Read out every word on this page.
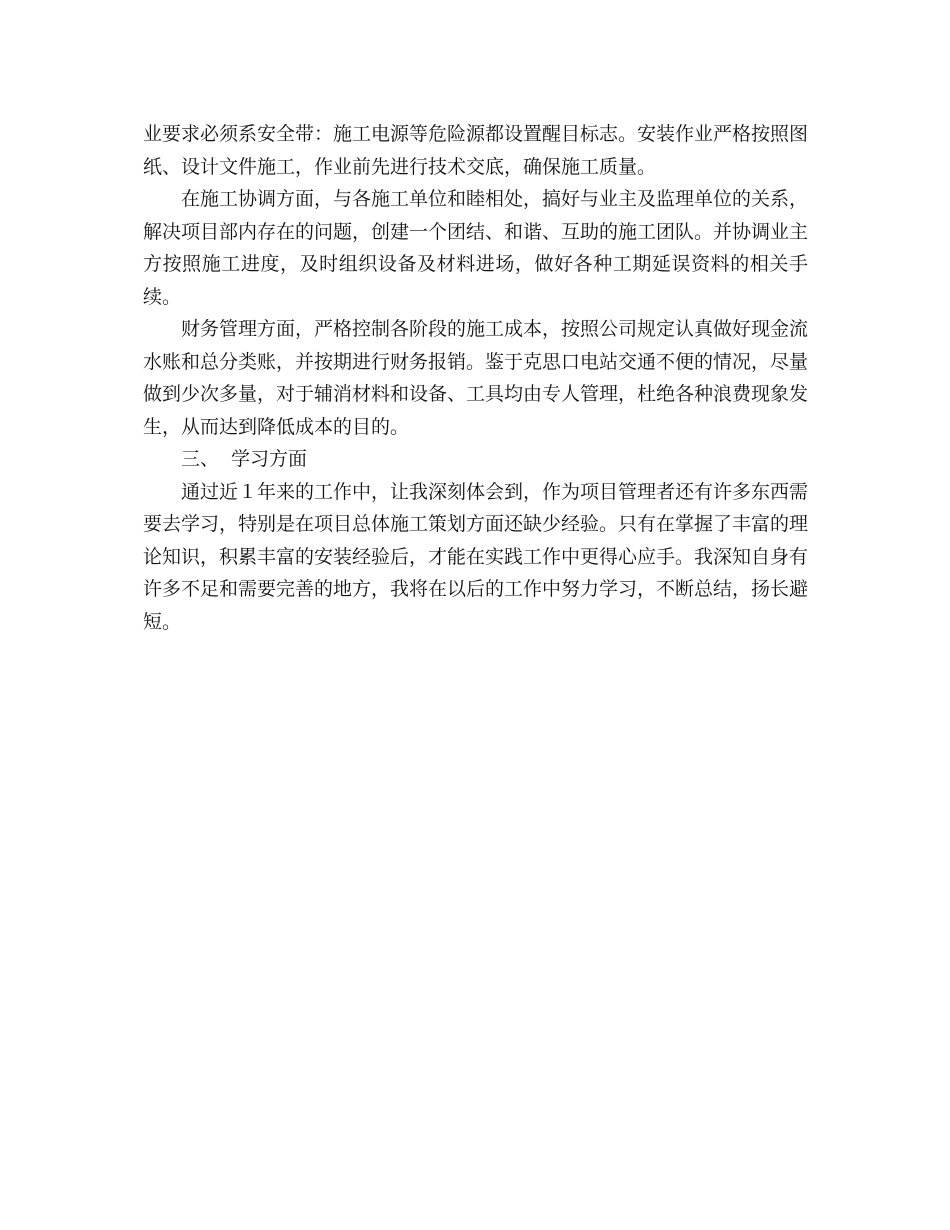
业要求必须系安全带：施工电源等危险源都设置醒目标志。安装作业严格按照图纸、设计文件施工，作业前先进行技术交底，确保施工质量。

在施工协调方面，与各施工单位和睦相处，搞好与业主及监理单位的关系，解决项目部内存在的问题，创建一个团结、和谐、互助的施工团队。并协调业主方按照施工进度，及时组织设备及材料进场，做好各种工期延误资料的相关手续。

财务管理方面，严格控制各阶段的施工成本，按照公司规定认真做好现金流水账和总分类账，并按期进行财务报销。鉴于克思口电站交通不便的情况，尽量做到少次多量，对于辅消材料和设备、工具均由专人管理，杜绝各种浪费现象发生，从而达到降低成本的目的。

三、 学习方面

通过近１年来的工作中，让我深刻体会到，作为项目管理者还有许多东西需要去学习，特别是在项目总体施工策划方面还缺少经验。只有在掌握了丰富的理论知识，积累丰富的安装经验后，才能在实践工作中更得心应手。我深知自身有许多不足和需要完善的地方，我将在以后的工作中努力学习，不断总结，扬长避短。
